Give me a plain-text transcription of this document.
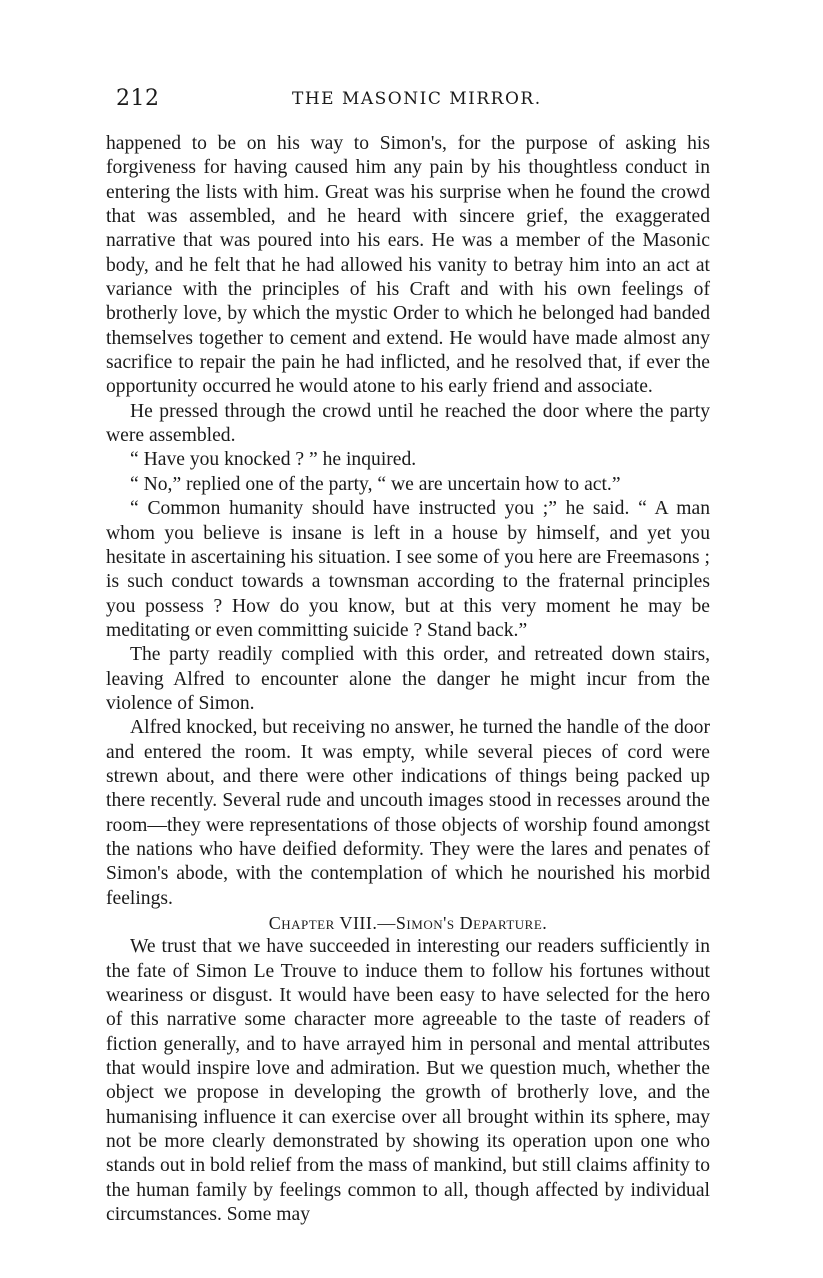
212	THE MASONIC MIRROR.

happened to be on his way to Simon's, for the purpose of asking his forgiveness for having caused him any pain by his thoughtless conduct in entering the lists with him. Great was his surprise when he found the crowd that was assembled, and he heard with sincere grief, the exaggerated narrative that was poured into his ears. He was a member of the Masonic body, and he felt that he had allowed his vanity to betray him into an act at variance with the principles of his Craft and with his own feelings of brotherly love, by which the mystic Order to which he belonged had banded themselves together to cement and extend. He would have made almost any sacrifice to repair the pain he had inflicted, and he resolved that, if ever the opportunity occurred he would atone to his early friend and associate.

He pressed through the crowd until he reached the door where the party were assembled.

“ Have you knocked ? ” he inquired.

“ No,” replied one of the party, “ we are uncertain how to act.”

“ Common humanity should have instructed you ;” he said. “ A man whom you believe is insane is left in a house by himself, and yet you hesitate in ascertaining his situation. I see some of you here are Freemasons ; is such conduct towards a townsman according to the fraternal principles you possess ? How do you know, but at this very moment he may be meditating or even committing suicide ? Stand back.”

The party readily complied with this order, and retreated down stairs, leaving Alfred to encounter alone the danger he might incur from the violence of Simon.

Alfred knocked, but receiving no answer, he turned the handle of the door and entered the room. It was empty, while several pieces of cord were strewn about, and there were other indications of things being packed up there recently. Several rude and uncouth images stood in recesses around the room—they were representations of those objects of worship found amongst the nations who have deified deformity. They were the lares and penates of Simon's abode, with the contemplation of which he nourished his morbid feelings.

Chapter VIII.—Simon's Departure.

We trust that we have succeeded in interesting our readers sufficiently in the fate of Simon Le Trouve to induce them to follow his fortunes without weariness or disgust. It would have been easy to have selected for the hero of this narrative some character more agreeable to the taste of readers of fiction generally, and to have arrayed him in personal and mental attributes that would inspire love and admiration. But we question much, whether the object we propose in developing the growth of brotherly love, and the humanising influence it can exercise over all brought within its sphere, may not be more clearly demonstrated by showing its operation upon one who stands out in bold relief from the mass of mankind, but still claims affinity to the human family by feelings common to all, though affected by individual circumstances. Some may
